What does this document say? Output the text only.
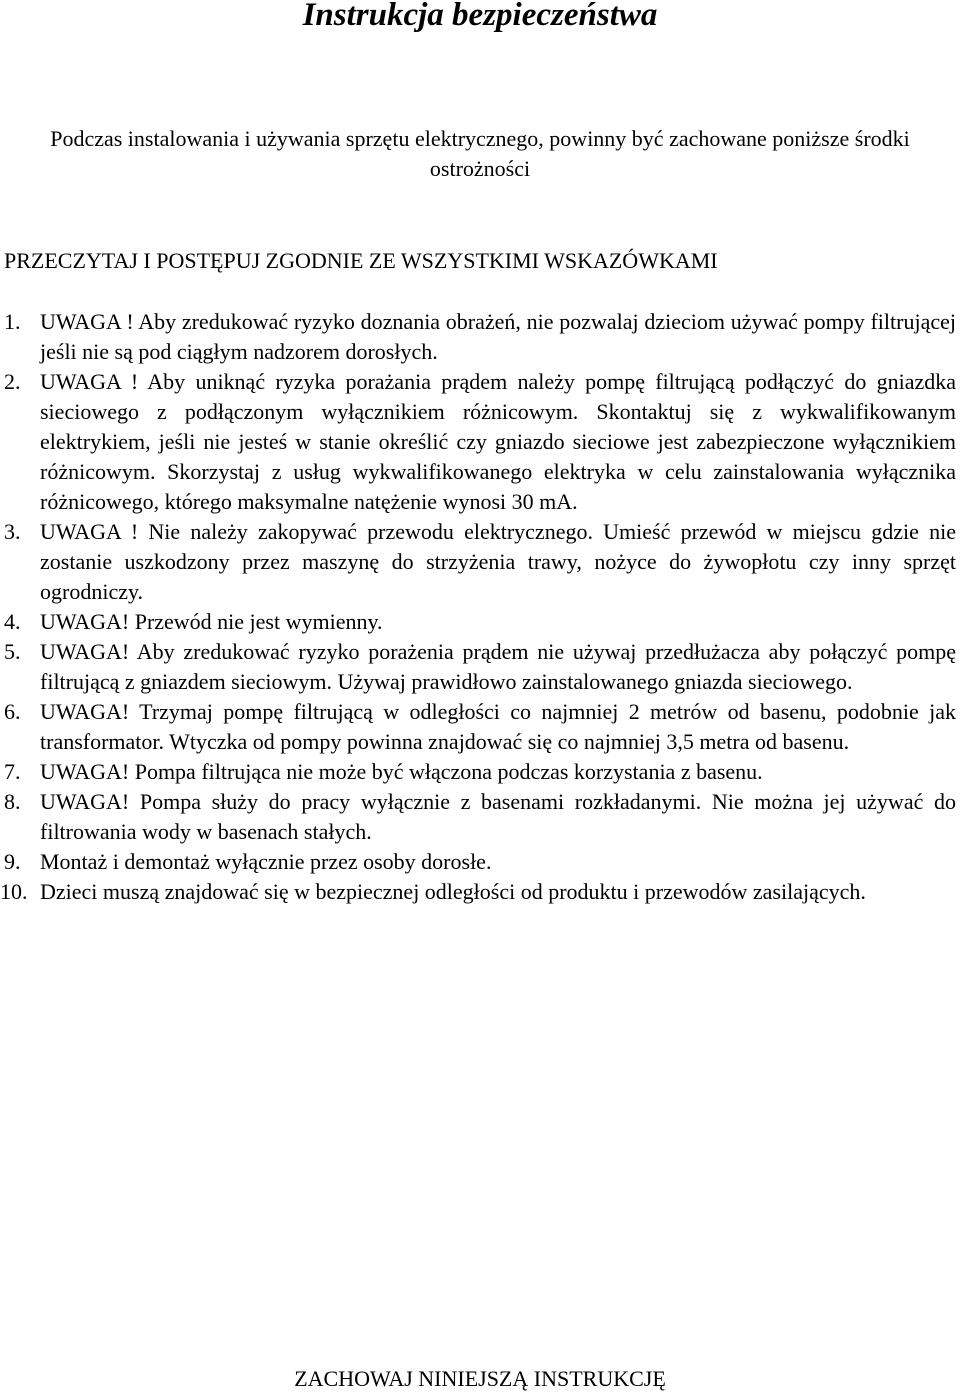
Instrukcja bezpieczeństwa

Podczas instalowania i używania sprzętu elektrycznego, powinny być zachowane poniższe środki ostrożności

PRZECZYTAJ I POSTĘPUJ ZGODNIE ZE WSZYSTKIMI WSKAZÓWKAMI

1. UWAGA ! Aby zredukować ryzyko doznania obrażeń, nie pozwalaj dzieciom używać pompy filtrującej jeśli nie są pod ciągłym nadzorem dorosłych.
2. UWAGA ! Aby uniknąć ryzyka porażania prądem należy pompę filtrującą podłączyć do gniazdka sieciowego z podłączonym wyłącznikiem różnicowym. Skontaktuj się z wykwalifikowanym elektrykiem, jeśli nie jesteś w stanie określić czy gniazdo sieciowe jest zabezpieczone wyłącznikiem różnicowym. Skorzystaj z usług wykwalifikowanego elektryka w celu zainstalowania wyłącznika różnicowego, którego maksymalne natężenie wynosi 30 mA.
3. UWAGA ! Nie należy zakopywać przewodu elektrycznego. Umieść przewód w miejscu gdzie nie zostanie uszkodzony przez maszynę do strzyżenia trawy, nożyce do żywopłotu czy inny sprzęt ogrodniczy.
4. UWAGA! Przewód nie jest wymienny.
5. UWAGA! Aby zredukować ryzyko porażenia prądem nie używaj przedłużacza aby połączyć pompę filtrującą z gniazdem sieciowym. Używaj prawidłowo zainstalowanego gniazda sieciowego.
6. UWAGA! Trzymaj pompę filtrującą w odległości co najmniej 2 metrów od basenu, podobnie jak transformator. Wtyczka od pompy powinna znajdować się co najmniej 3,5 metra od basenu.
7. UWAGA! Pompa filtrująca nie może być włączona podczas korzystania z basenu.
8. UWAGA! Pompa służy do pracy wyłącznie z basenami rozkładanymi. Nie można jej używać do filtrowania wody w basenach stałych.
9. Montaż i demontaż wyłącznie przez osoby dorosłe.
10. Dzieci muszą znajdować się w bezpiecznej odległości od produktu i przewodów zasilających.

ZACHOWAJ NINIEJSZĄ INSTRUKCJĘ
